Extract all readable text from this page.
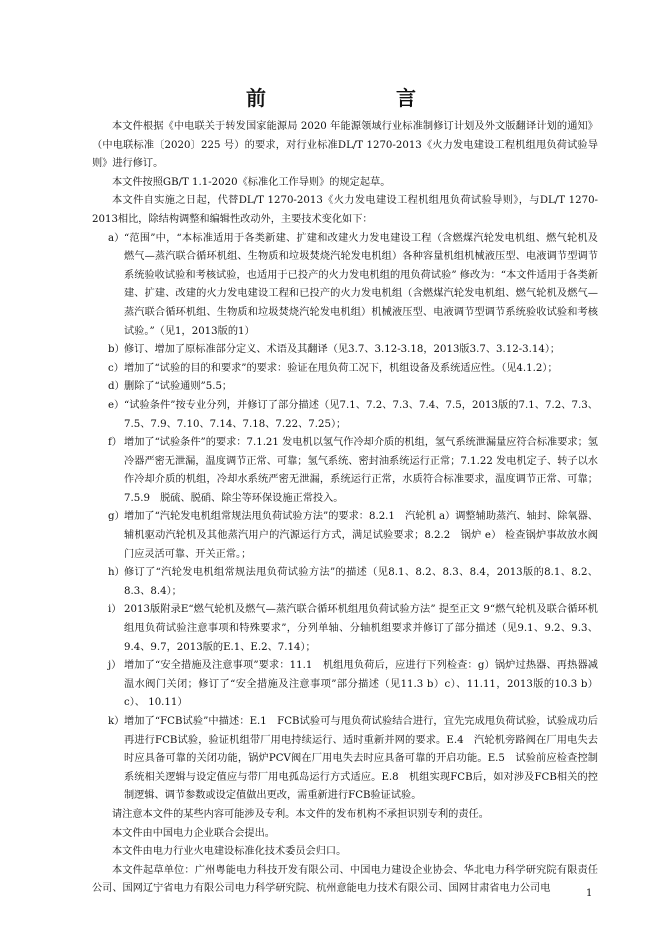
前　　言

本文件根据《中电联关于转发国家能源局 2020 年能源领域行业标准制修订计划及外文版翻译计划的通知》（中电联标准〔2020〕225 号）的要求，对行业标准DL/T 1270-2013《火力发电建设工程机组甩负荷试验导则》进行修订。

本文件按照GB/T 1.1-2020《标准化工作导则》的规定起草。

本文件自实施之日起，代替DL/T 1270-2013《火力发电建设工程机组甩负荷试验导则》，与DL/T 1270-2013相比，除结构调整和编辑性改动外，主要技术变化如下：

a） “范围”中，“本标准适用于各类新建、扩建和改建火力发电建设工程（含燃煤汽轮发电机组、燃气轮机及燃气—蒸汽联合循环机组、生物质和垃圾焚烧汽轮发电机组）各种容量机组机械液压型、电液调节型调节系统验收试验和考核试验，也适用于已投产的火力发电机组的甩负荷试验” 修改为：“本文件适用于各类新建、扩建、改建的火力发电建设工程和已投产的火力发电机组（含燃煤汽轮发电机组、燃气轮机及燃气—蒸汽联合循环机组、生物质和垃圾焚烧汽轮发电机组）机械液压型、电液调节型调节系统验收试验和考核试验。”（见1，2013版的1）
b） 修订、增加了原标准部分定义、术语及其翻译（见3.7、3.12-3.18，2013版3.7、3.12-3.14）；
c） 增加了“试验的目的和要求”的要求：验证在甩负荷工况下，机组设备及系统适应性。（见4.1.2）；
d） 删除了“试验通则”5.5；
e） “试验条件”按专业分列，并修订了部分描述（见7.1、7.2、7.3、7.4、7.5，2013版的7.1、7.2、7.3、7.5、7.9、7.10、7.14、7.18、7.22、7.25）；
f） 增加了“试验条件”的要求：7.1.21 发电机以氢气作冷却介质的机组，氢气系统泄漏量应符合标准要求；氢冷器严密无泄漏，温度调节正常、可靠；氢气系统、密封油系统运行正常；7.1.22 发电机定子、转子以水作冷却介质的机组，冷却水系统严密无泄漏，系统运行正常，水质符合标准要求，温度调节正常、可靠；7.5.9　脱硫、脱硝、除尘等环保设施正常投入。
g） 增加了“汽轮发电机组常规法甩负荷试验方法”的要求：8.2.1　汽轮机 a）调整辅助蒸汽、轴封、除氧器、辅机驱动汽轮机及其他蒸汽用户的汽源运行方式，满足试验要求；8.2.2　锅炉 e） 检查锅炉事故放水阀门应灵活可靠、开关正常。；
h） 修订了“汽轮发电机组常规法甩负荷试验方法”的描述（见8.1、8.2、8.3、8.4，2013版的8.1、8.2、8.3、8.4）；
i） 2013版附录E“燃气轮机及燃气—蒸汽联合循环机组甩负荷试验方法” 提至正文 9“燃气轮机及联合循环机组甩负荷试验注意事项和特殊要求”，分列单轴、分轴机组要求并修订了部分描述（见9.1、9.2、9.3、9.4、9.7，2013版的E.1、E.2、7.14）；
j） 增加了“安全措施及注意事项”要求：11.1　机组甩负荷后，应进行下列检查：g）锅炉过热器、再热器减温水阀门关闭；修订了“安全措施及注意事项”部分描述（见11.3 b）c）、11.11，2013版的10.3 b）c）、 10.11）
k） 增加了“FCB试验”中描述：E.1　FCB试验可与甩负荷试验结合进行，宜先完成甩负荷试验，试验成功后再进行FCB试验，验证机组带厂用电持续运行、适时重新并网的要求。E.4　汽轮机旁路阀在厂用电失去时应具备可靠的关闭功能，锅炉PCV阀在厂用电失去时应具备可靠的开启功能。E.5　试验前应检查控制系统相关逻辑与设定值应与带厂用电孤岛运行方式适应。E.8　机组实现FCB后，如对涉及FCB相关的控制逻辑、调节参数或设定值做出更改，需重新进行FCB验证试验。

请注意本文件的某些内容可能涉及专利。本文件的发布机构不承担识别专利的责任。

本文件由中国电力企业联合会提出。

本文件由电力行业火电建设标准化技术委员会归口。

本文件起草单位：广州粤能电力科技开发有限公司、中国电力建设企业协会、华北电力科学研究院有限责任公司、国网辽宁省电力有限公司电力科学研究院、杭州意能电力技术有限公司、国网甘肃省电力公司电	1
